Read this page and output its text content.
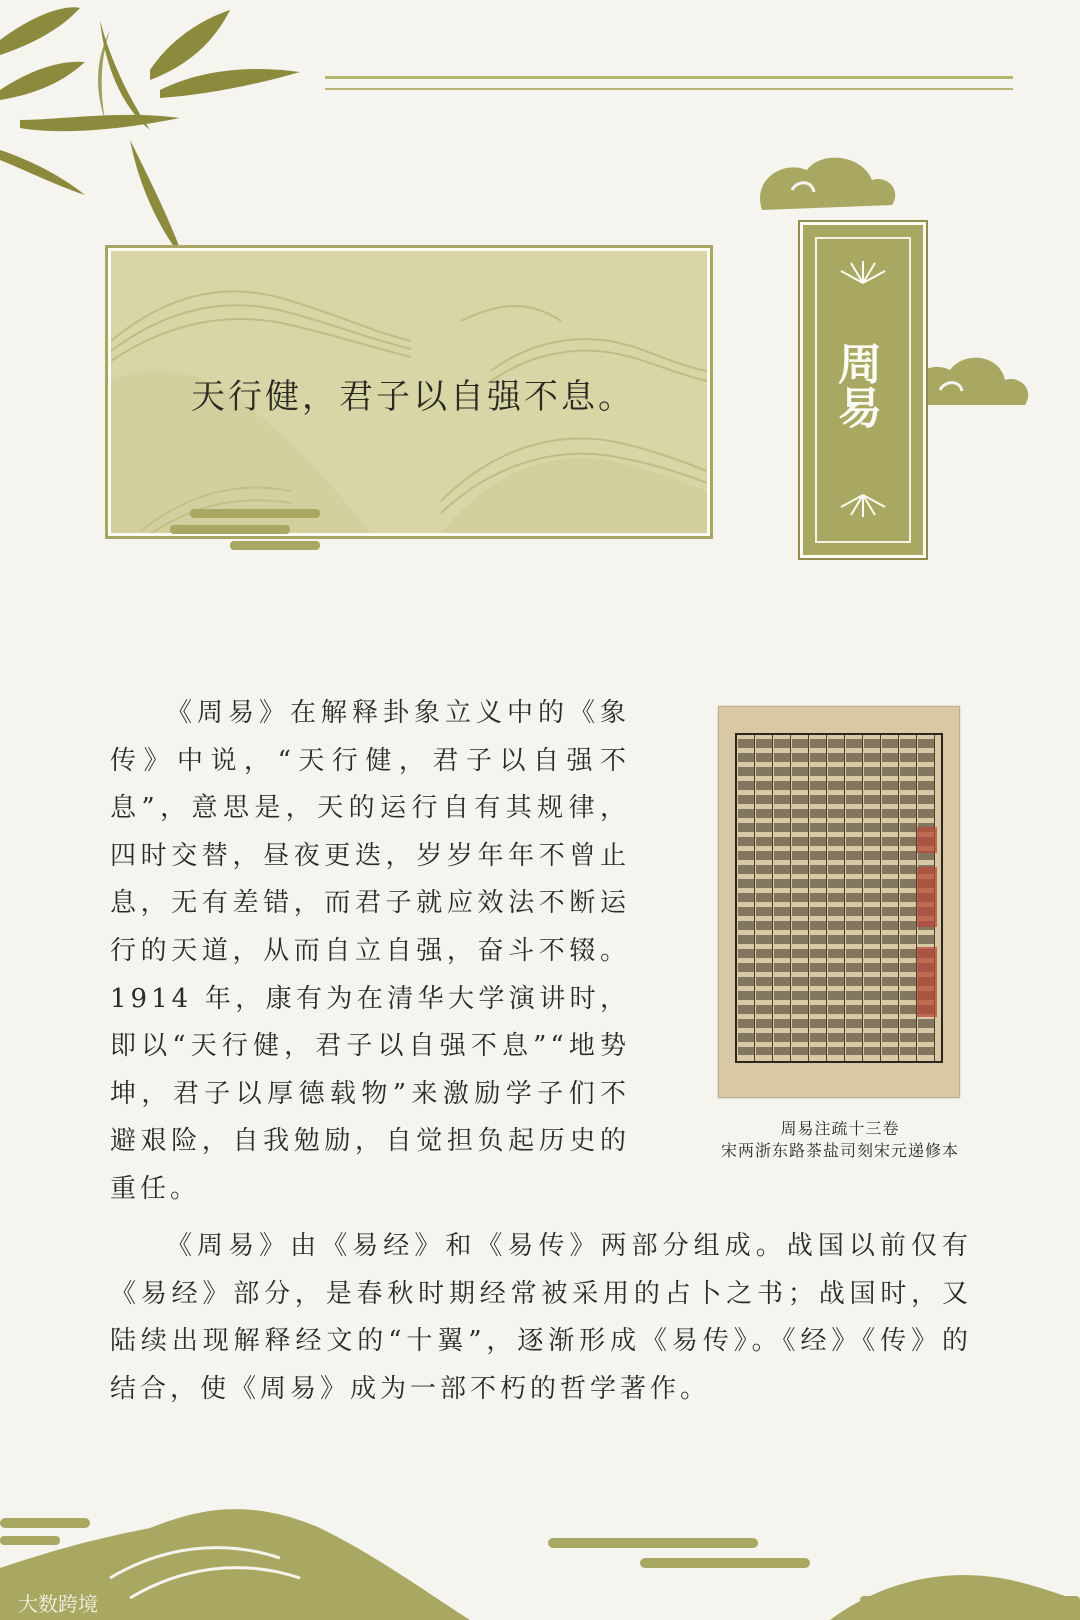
天行健，君子以自强不息。	周易

《周易》在解释卦象立义中的《象传》中说，“天行健，君子以自强不息”，意思是，天的运行自有其规律，四时交替，昼夜更迭，岁岁年年不曾止息，无有差错，而君子就应效法不断运行的天道，从而自立自强，奋斗不辍。1914 年，康有为在清华大学演讲时，即以“天行健，君子以自强不息”“地势坤，君子以厚德载物”来激励学子们不避艰险，自我勉励，自觉担负起历史的重任。

周易注疏十三卷
宋两浙东路茶盐司刻宋元递修本

《周易》由《易经》和《易传》两部分组成。战国以前仅有《易经》部分，是春秋时期经常被采用的占卜之书；战国时，又陆续出现解释经文的“十翼”，逐渐形成《易传》。《经》《传》的结合，使《周易》成为一部不朽的哲学著作。

大数跨境
